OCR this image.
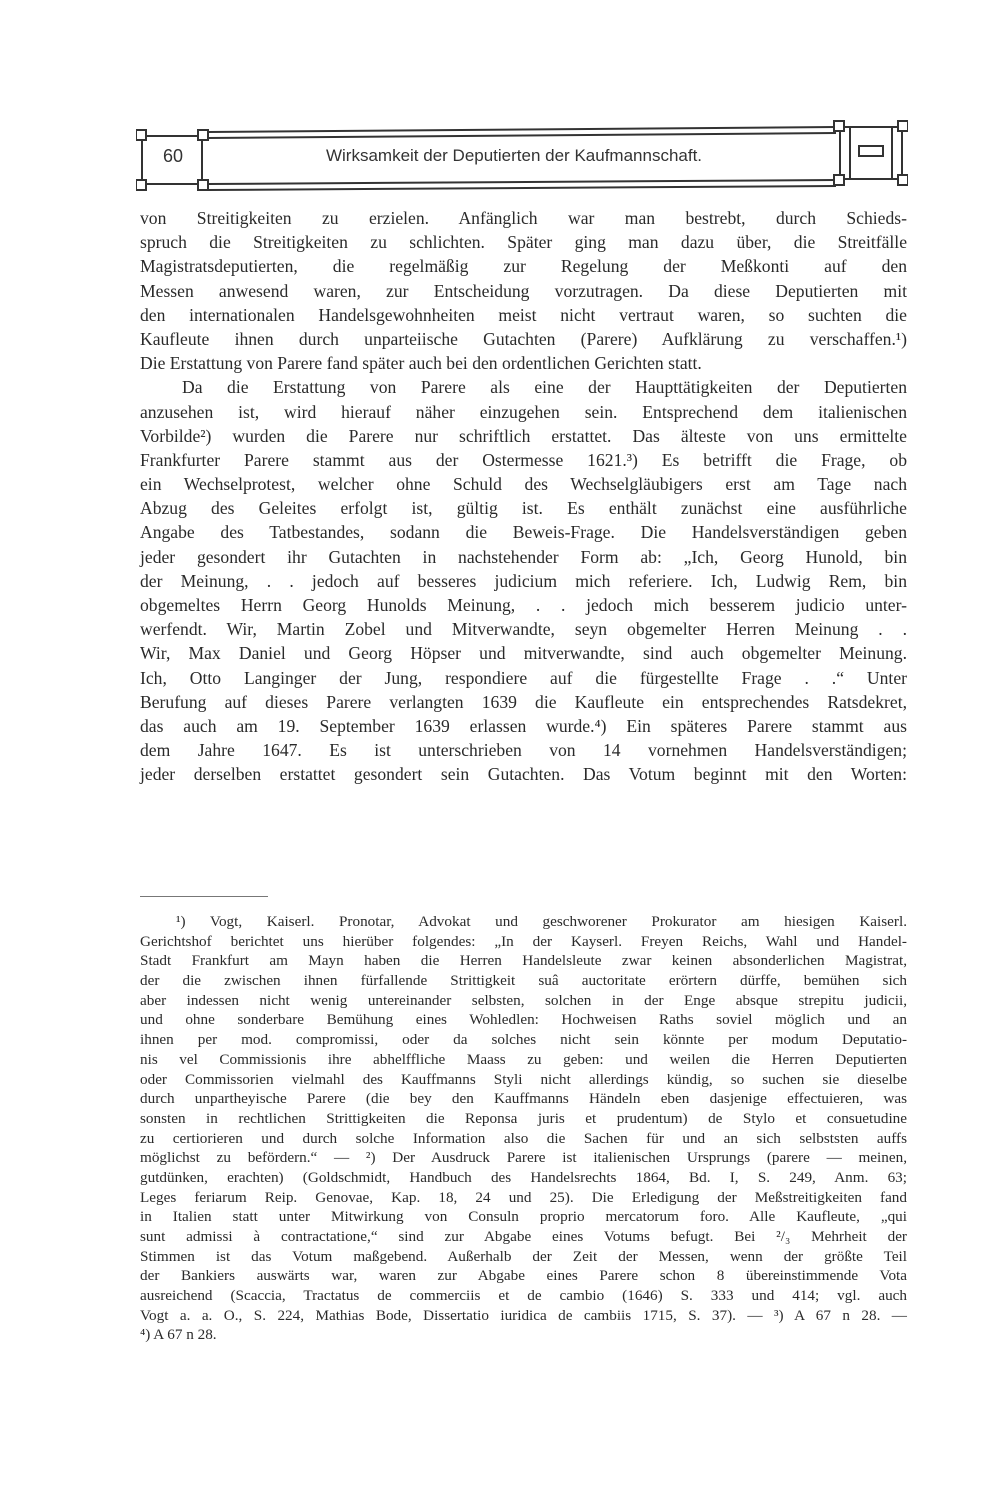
60	Wirksamkeit der Deputierten der Kaufmannschaft.
von Streitigkeiten zu erzielen. Anfänglich war man bestrebt, durch Schieds-
spruch die Streitigkeiten zu schlichten. Später ging man dazu über, die Streitfälle
Magistratsdeputierten, die regelmäßig zur Regelung der Meßkonti auf den
Messen anwesend waren, zur Entscheidung vorzutragen. Da diese Deputierten mit
den internationalen Handelsgewohnheiten meist nicht vertraut waren, so suchten die
Kaufleute ihnen durch unparteiische Gutachten (Parere) Aufklärung zu verschaffen.¹)
Die Erstattung von Parere fand später auch bei den ordentlichen Gerichten statt.
Da die Erstattung von Parere als eine der Haupttätigkeiten der Deputierten
anzusehen ist, wird hierauf näher einzugehen sein. Entsprechend dem italienischen
Vorbilde²) wurden die Parere nur schriftlich erstattet. Das älteste von uns ermittelte
Frankfurter Parere stammt aus der Ostermesse 1621.³) Es betrifft die Frage, ob
ein Wechselprotest, welcher ohne Schuld des Wechselgläubigers erst am Tage nach
Abzug des Geleites erfolgt ist, gültig ist. Es enthält zunächst eine ausführliche
Angabe des Tatbestandes, sodann die Beweis-Frage. Die Handelsverständigen geben
jeder gesondert ihr Gutachten in nachstehender Form ab: „Ich, Georg Hunold, bin
der Meinung, . . jedoch auf besseres judicium mich referiere. Ich, Ludwig Rem, bin
obgemeltes Herrn Georg Hunolds Meinung, . . jedoch mich besserem judicio unter-
werfendt. Wir, Martin Zobel und Mitverwandte, seyn obgemelter Herren Meinung . .
Wir, Max Daniel und Georg Höpser und mitverwandte, sind auch obgemelter Meinung.
Ich, Otto Langinger der Jung, respondiere auf die fürgestellte Frage . .“ Unter
Berufung auf dieses Parere verlangten 1639 die Kaufleute ein entsprechendes Ratsdekret,
das auch am 19. September 1639 erlassen wurde.⁴) Ein späteres Parere stammt aus
dem Jahre 1647. Es ist unterschrieben von 14 vornehmen Handelsverständigen;
jeder derselben erstattet gesondert sein Gutachten. Das Votum beginnt mit den Worten:
¹) Vogt, Kaiserl. Pronotar, Advokat und geschworener Prokurator am hiesigen Kaiserl.
Gerichtshof berichtet uns hierüber folgendes: „In der Kayserl. Freyen Reichs, Wahl und Handel-
Stadt Frankfurt am Mayn haben die Herren Handelsleute zwar keinen absonderlichen Magistrat,
der die zwischen ihnen fürfallende Strittigkeit suâ auctoritate erörtern dürffe, bemühen sich
aber indessen nicht wenig untereinander selbsten, solchen in der Enge absque strepitu judicii,
und ohne sonderbare Bemühung eines Wohledlen: Hochweisen Raths soviel möglich und an
ihnen per mod. compromissi, oder da solches nicht sein könnte per modum Deputatio-
nis vel Commissionis ihre abhelffliche Maass zu geben: und weilen die Herren Deputierten
oder Commissorien vielmahl des Kauffmanns Styli nicht allerdings kündig, so suchen sie dieselbe
durch unpartheyische Parere (die bey den Kauffmanns Händeln eben dasjenige effectuieren, was
sonsten in rechtlichen Strittigkeiten die Reponsa juris et prudentum) de Stylo et consuetudine
zu certiorieren und durch solche Information also die Sachen für und an sich selbststen auffs
möglichst zu befördern.“ — ²) Der Ausdruck Parere ist italienischen Ursprungs (parere — meinen,
gutdünken, erachten) (Goldschmidt, Handbuch des Handelsrechts 1864, Bd. I, S. 249, Anm. 63;
Leges feriarum Reip. Genovae, Kap. 18, 24 und 25). Die Erledigung der Meßstreitigkeiten fand
in Italien statt unter Mitwirkung von Consuln proprio mercatorum foro. Alle Kaufleute, „qui
sunt admissi à contractatione,“ sind zur Abgabe eines Votums befugt. Bei ²/₃ Mehrheit der
Stimmen ist das Votum maßgebend. Außerhalb der Zeit der Messen, wenn der größte Teil
der Bankiers auswärts war, waren zur Abgabe eines Parere schon 8 übereinstimmende Vota
ausreichend (Scaccia, Tractatus de commerciis et de cambio (1646) S. 333 und 414; vgl. auch
Vogt a. a. O., S. 224, Mathias Bode, Dissertatio iuridica de cambiis 1715, S. 37). — ³) A 67 n 28. —
⁴) A 67 n 28.
